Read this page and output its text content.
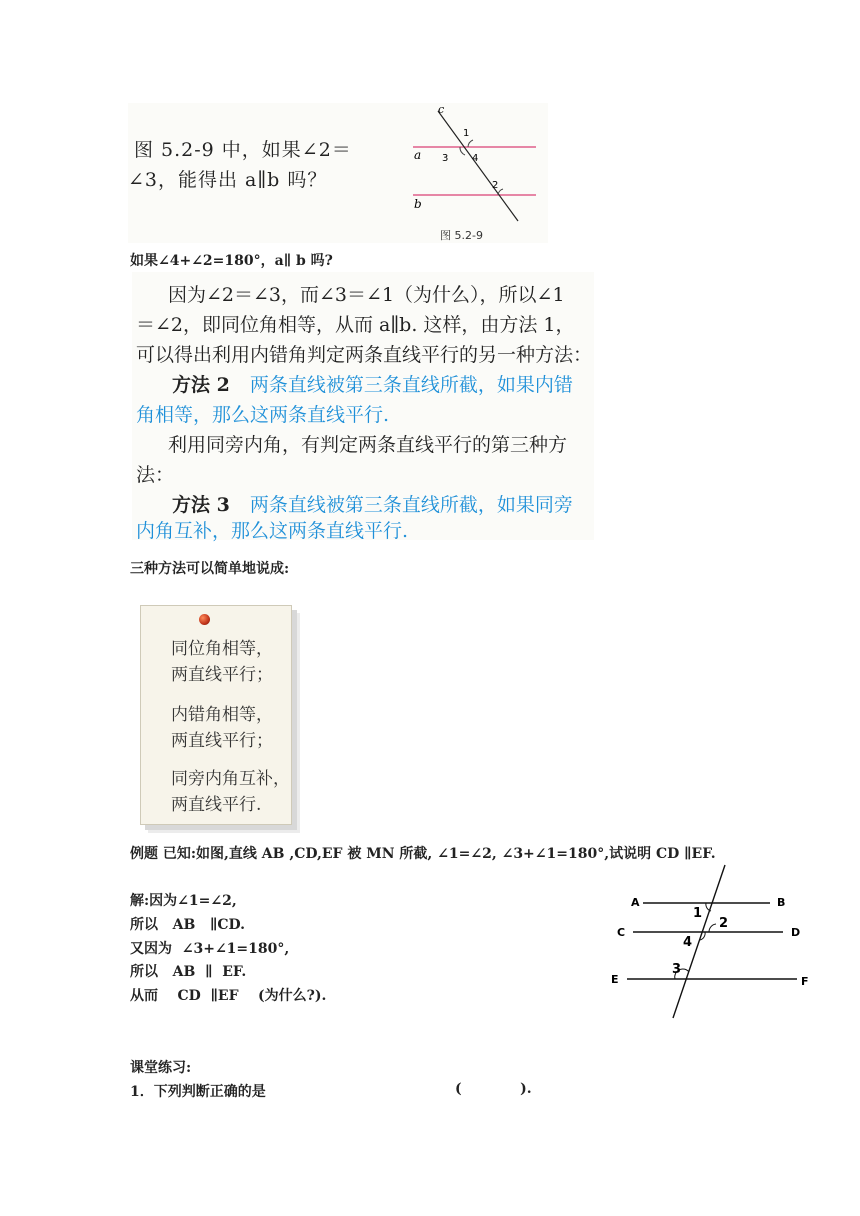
图 5.2-9 中，如果∠2＝
∠3，能得出 a∥b 吗？
c
a
b
1
3 4
2
图 5.2-9
如果∠4+∠2=180°，a∥ b 吗?
因为∠2＝∠3，而∠3＝∠1（为什么），所以∠1
＝∠2，即同位角相等，从而 a∥b. 这样，由方法 1，
可以得出利用内错角判定两条直线平行的另一种方法：
方法 2 两条直线被第三条直线所截，如果内错
角相等，那么这两条直线平行.
利用同旁内角，有判定两条直线平行的第三种方
法：
方法 3 两条直线被第三条直线所截，如果同旁
内角互补，那么这两条直线平行.
三种方法可以简单地说成:
同位角相等，
两直线平行；
内错角相等，
两直线平行；
同旁内角互补，
两直线平行.
例题 已知:如图,直线 AB ,CD,EF 被 MN 所截, ∠1=∠2, ∠3+∠1=180°,试说明 CD ∥EF.
解:因为∠1=∠2,
所以   AB   ∥CD.
又因为  ∠3+∠1=180°,
所以   AB  ∥  EF.
从而    CD  ∥EF    (为什么?).
A	B
C	D
E	F
1
2
4
3
课堂练习:
1．下列判断正确的是	(            ).
